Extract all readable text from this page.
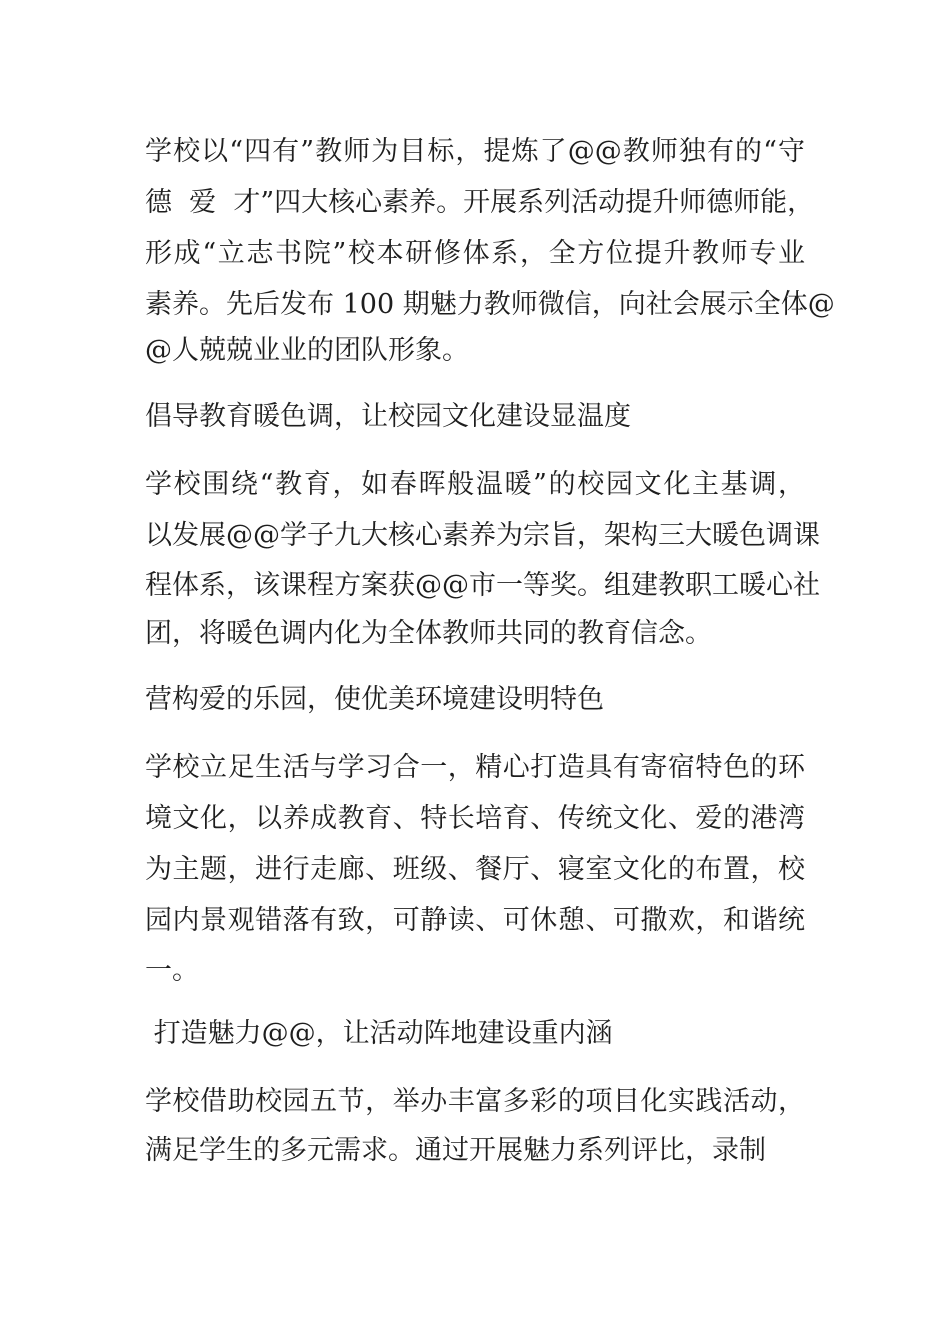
学校以“四有”教师为目标，提炼了@@教师独有的“守
德  爱  才”四大核心素养。开展系列活动提升师德师能，
形成“立志书院”校本研修体系，全方位提升教师专业
素养。先后发布 100 期魅力教师微信，向社会展示全体@
@人兢兢业业的团队形象。
倡导教育暖色调，让校园文化建设显温度
学校围绕“教育，如春晖般温暖”的校园文化主基调，
以发展@@学子九大核心素养为宗旨，架构三大暖色调课
程体系，该课程方案获@@市一等奖。组建教职工暖心社
团，将暖色调内化为全体教师共同的教育信念。
营构爱的乐园，使优美环境建设明特色
学校立足生活与学习合一，精心打造具有寄宿特色的环
境文化，以养成教育、特长培育、传统文化、爱的港湾
为主题，进行走廊、班级、餐厅、寝室文化的布置，校
园内景观错落有致，可静读、可休憩、可撒欢，和谐统
一。
打造魅力@@，让活动阵地建设重内涵
学校借助校园五节，举办丰富多彩的项目化实践活动，
满足学生的多元需求。通过开展魅力系列评比，录制
